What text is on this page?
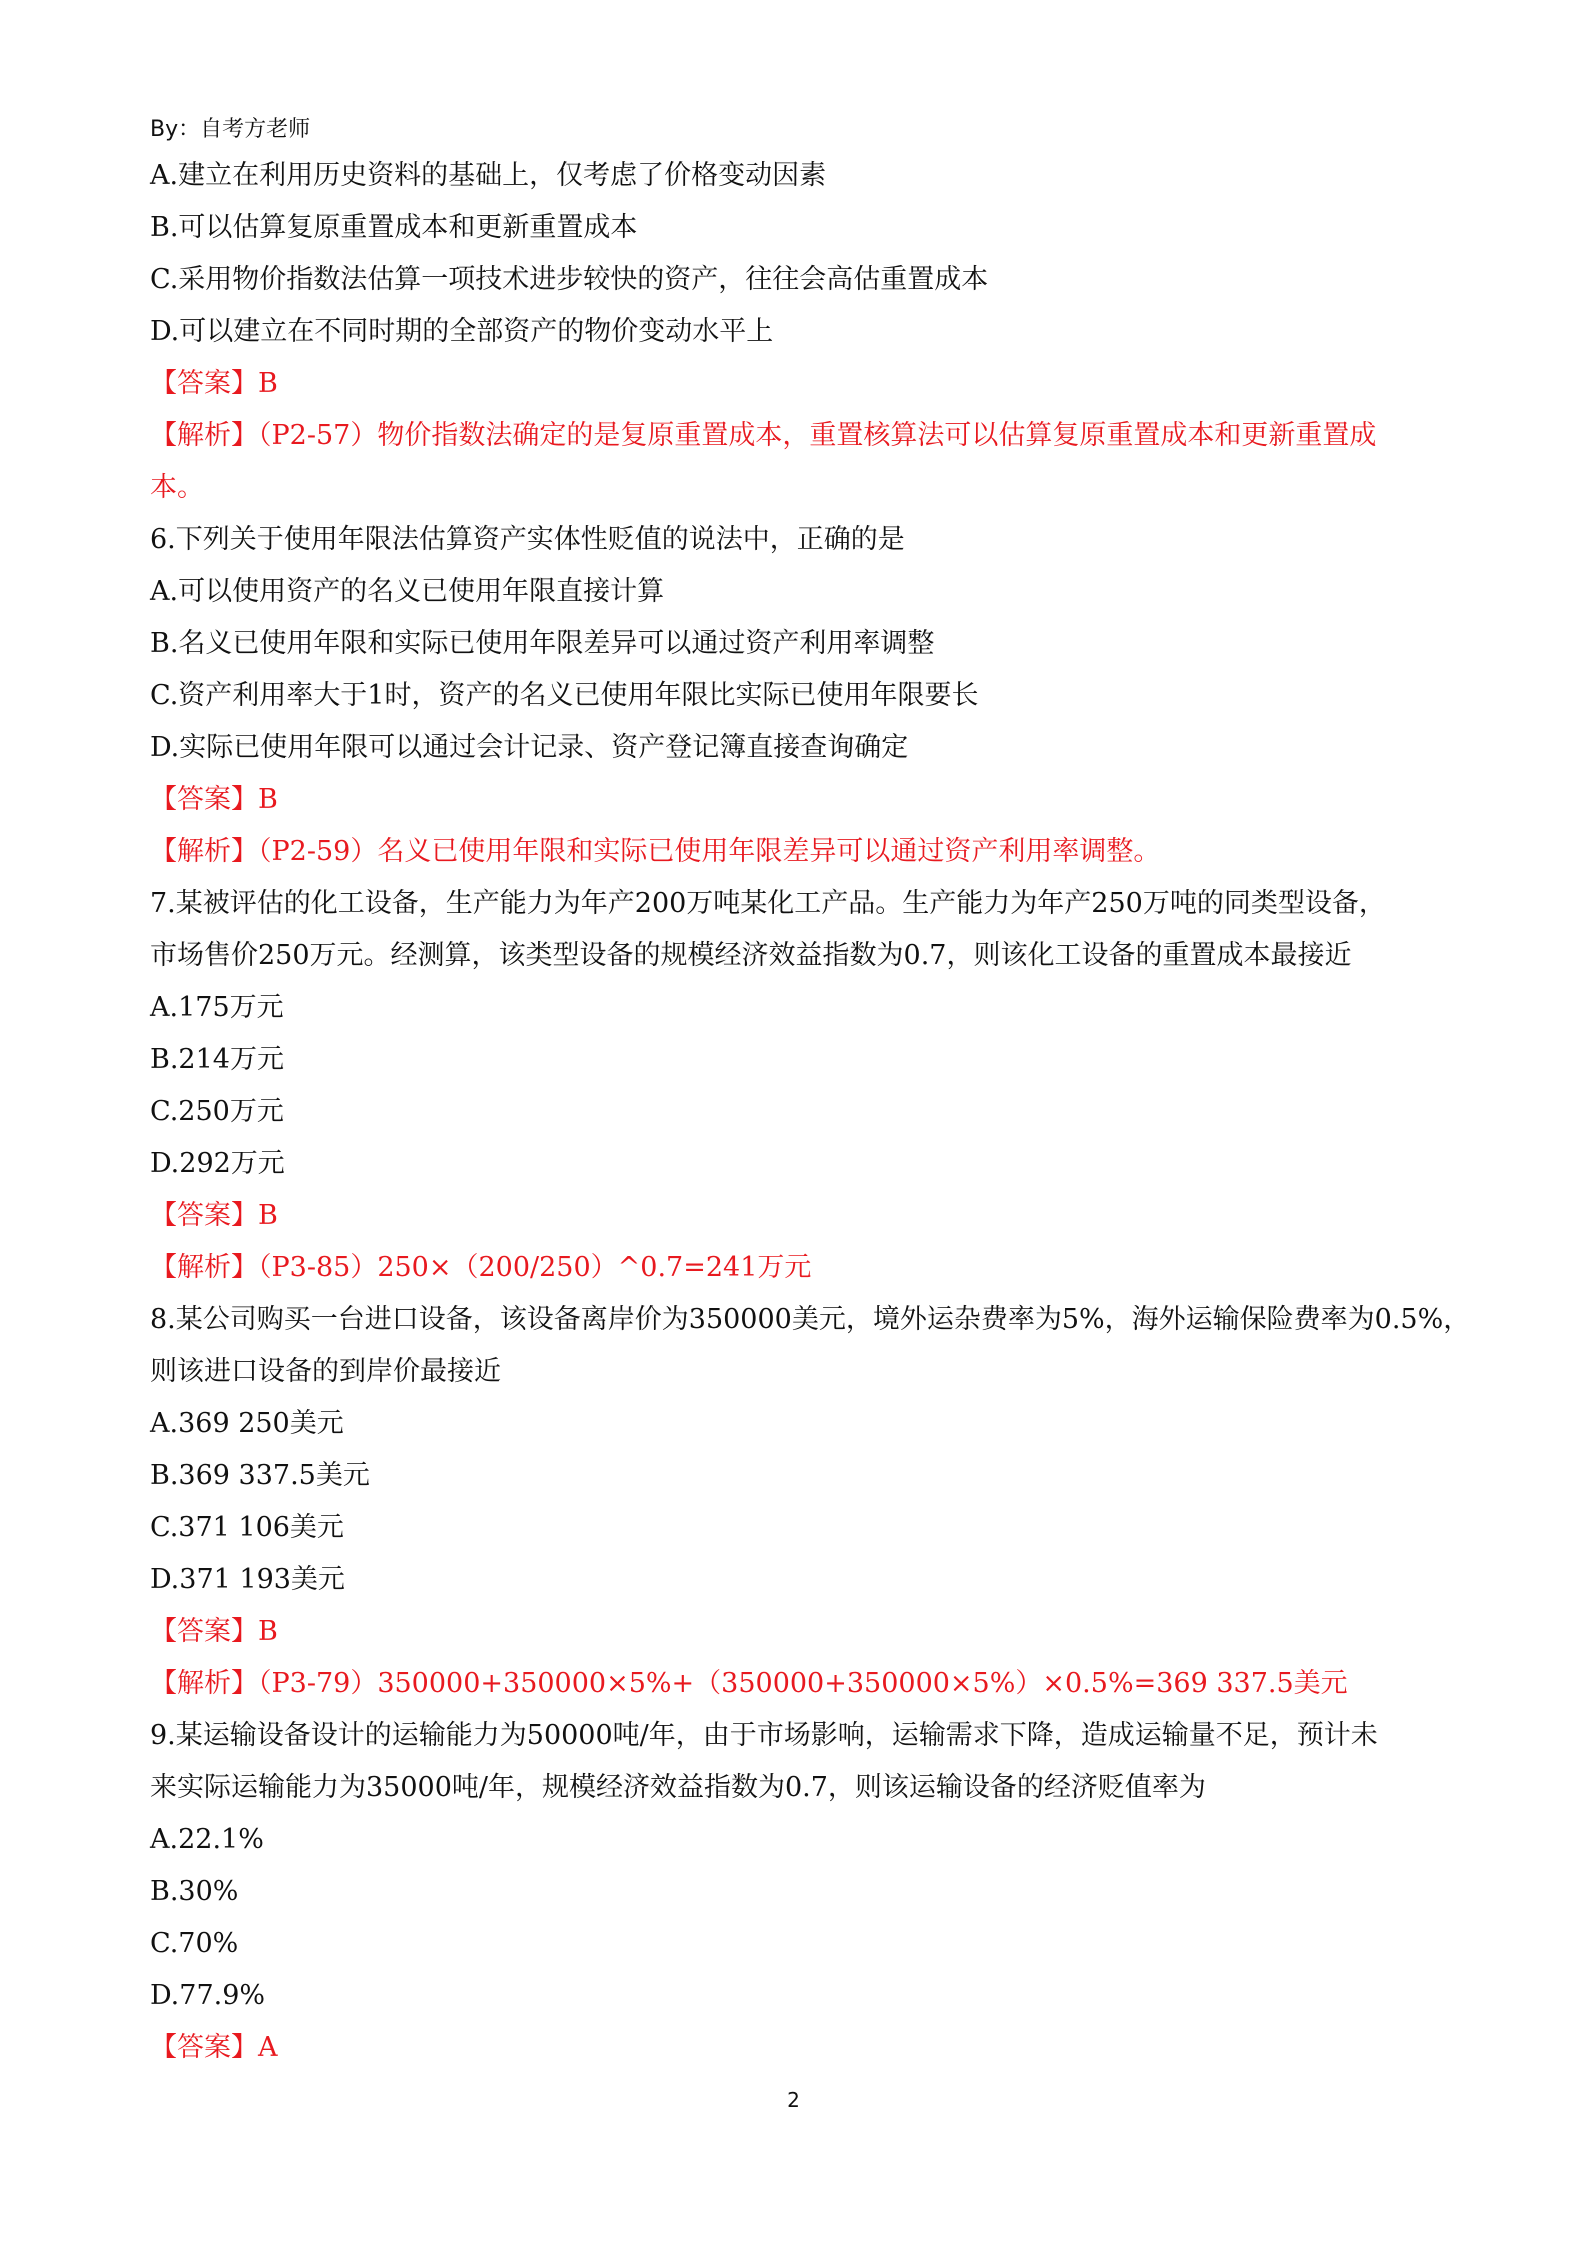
By：自考方老师
A.建立在利用历史资料的基础上，仅考虑了价格变动因素
B.可以估算复原重置成本和更新重置成本
C.采用物价指数法估算一项技术进步较快的资产，往往会高估重置成本
D.可以建立在不同时期的全部资产的物价变动水平上
【答案】B
【解析】（P2-57）物价指数法确定的是复原重置成本，重置核算法可以估算复原重置成本和更新重置成
本。
6.下列关于使用年限法估算资产实体性贬值的说法中，正确的是
A.可以使用资产的名义已使用年限直接计算
B.名义已使用年限和实际已使用年限差异可以通过资产利用率调整
C.资产利用率大于1时，资产的名义已使用年限比实际已使用年限要长
D.实际已使用年限可以通过会计记录、资产登记簿直接查询确定
【答案】B
【解析】（P2-59）名义已使用年限和实际已使用年限差异可以通过资产利用率调整。
7.某被评估的化工设备，生产能力为年产200万吨某化工产品。生产能力为年产250万吨的同类型设备，
市场售价250万元。经测算，该类型设备的规模经济效益指数为0.7，则该化工设备的重置成本最接近
A.175万元
B.214万元
C.250万元
D.292万元
【答案】B
【解析】（P3-85）250×（200/250）^0.7=241万元
8.某公司购买一台进口设备，该设备离岸价为350000美元，境外运杂费率为5%，海外运输保险费率为0.5%，
则该进口设备的到岸价最接近
A.369 250美元
B.369 337.5美元
C.371 106美元
D.371 193美元
【答案】B
【解析】（P3-79）350000+350000×5%+（350000+350000×5%）×0.5%=369 337.5美元
9.某运输设备设计的运输能力为50000吨/年，由于市场影响，运输需求下降，造成运输量不足，预计未
来实际运输能力为35000吨/年，规模经济效益指数为0.7，则该运输设备的经济贬值率为
A.22.1%
B.30%
C.70%
D.77.9%
【答案】A
2
